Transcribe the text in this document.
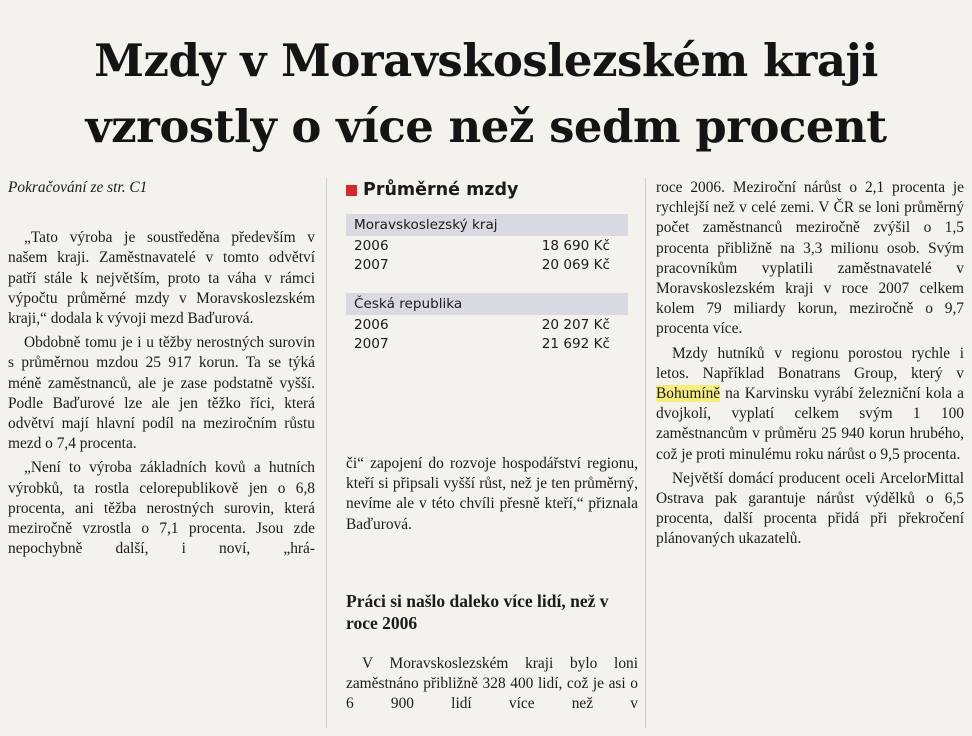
Mzdy v Moravskoslezském kraji
vzrostly o více než sedm procent

Pokračování ze str. C1

„Tato výroba je soustředěna především v našem kraji. Zaměstnavatelé v tomto odvětví patří stále k největším, proto ta váha v rámci výpočtu průměrné mzdy v Moravskoslezském kraji,“ dodala k vývoji mezd Baďurová.

Obdobně tomu je i u těžby nerostných surovin s průměrnou mzdou 25 917 korun. Ta se týká méně zaměstnanců, ale je zase podstatně vyšší. Podle Baďurové lze ale jen těžko říci, která odvětví mají hlavní podíl na meziročním růstu mezd o 7,4 procenta.

„Není to výroba základních kovů a hutních výrobků, ta rostla celorepublikově jen o 6,8 procenta, ani těžba nerostných surovin, která meziročně vzrostla o 7,1 procenta. Jsou zde nepochybně další, i noví, „hrá-

Průměrné mzdy
Moravskoslezský kraj
2006	18 690 Kč
2007	20 069 Kč
Česká republika
2006	20 207 Kč
2007	21 692 Kč

či“ zapojení do rozvoje hospodářství regionu, kteří si připsali vyšší růst, než je ten průměrný, nevíme ale v této chvíli přesně kteří,“ přiznala Baďurová.

Práci si našlo daleko více lidí, než v roce 2006

V Moravskoslezském kraji bylo loni zaměstnáno přibližně 328 400 lidí, což je asi o 6 900 lidí více než v

roce 2006. Meziroční nárůst o 2,1 procenta je rychlejší než v celé zemi. V ČR se loni průměrný počet zaměstnanců meziročně zvýšil o 1,5 procenta přibližně na 3,3 milionu osob. Svým pracovníkům vyplatili zaměstnavatelé v Moravskoslezském kraji v roce 2007 celkem kolem 79 miliardy korun, meziročně o 9,7 procenta více.

Mzdy hutníků v regionu porostou rychle i letos. Například Bonatrans Group, který v Bohumíně na Karvinsku vyrábí železniční kola a dvojkolí, vyplatí celkem svým 1 100 zaměstnancům v průměru 25 940 korun hrubého, což je proti minulému roku nárůst o 9,5 procenta.

Největší domácí producent oceli ArcelorMittal Ostrava pak garantuje nárůst výdělků o 6,5 procenta, další procenta přidá při překročení plánovaných ukazatelů.
